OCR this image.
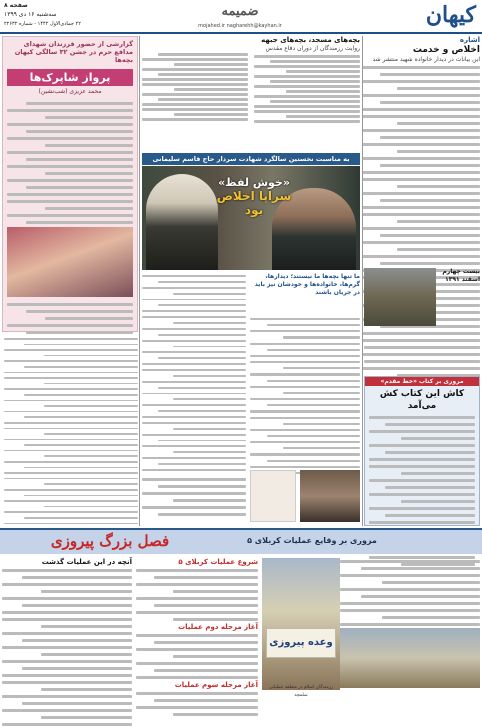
کیهان
ضمیمه
mojahed.ir nagharehh@kayhan.ir
صفحه ۸
سه‌شنبه ۱۶ دی ۱۳۹۹
۲۲ جمادی‌الاول ۱۴۴۲ - شماره ۲۲۶۳۲
گزارشی از حضور فرزندان شهدای مدافع حرم در جشن ۳۲ سالگی کیهان بچه‌ها
پرواز شاپرک‌ها
محمد عزیزی (شب‌نشین)
اشاره
اخلاص و خدمت
این بیانات در دیدار خانواده شهید منتشر شد
بچه‌های مسجد، بچه‌های جبهه
روایت رزمندگان از دوران دفاع مقدس
به مناسبت نخستین سالگرد شهادت سردار حاج قاسم سلیمانی
«خوش لفظ»
سراپا اخلاص
بود
ما تنها بچه‌ها ما نیستند؛ دیدارها، گرم‌ها، خانواده‌ها و خودشان نیز باید در جریان باشند
بیست چهارم اسفند ۱۳۹۱
مروری بر کتاب «خط مقدم»
کاش این کتاب کش می‌آمد
فصل بزرگ پیروزی	مروری بر وقایع عملیات کربلای ۵
وعده پیروزی
شروع عملیات کربلای ۵
آغاز مرحله دوم عملیات
آغاز مرحله سوم عملیات
آنچه در این عملیات گذشت
رزمندگان اسلام در منطقه عملیاتی شلمچه
